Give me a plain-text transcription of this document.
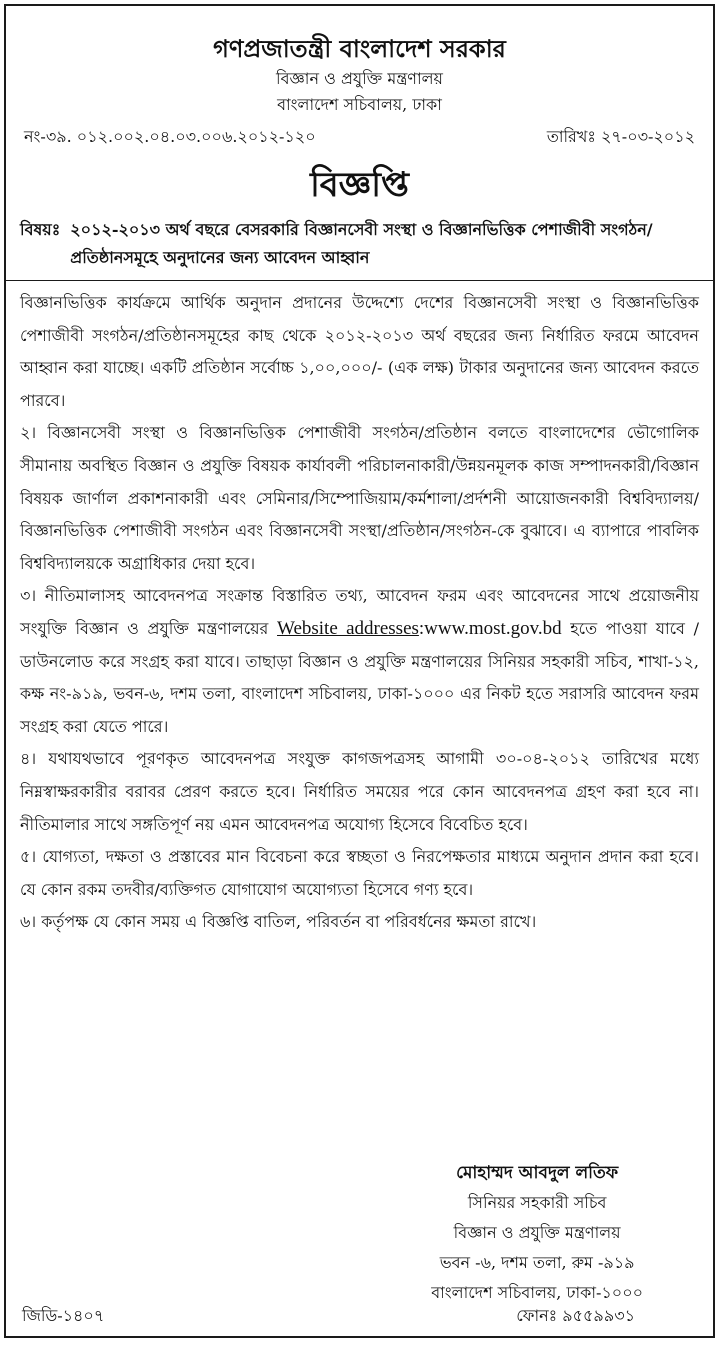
গণপ্রজাতন্ত্রী বাংলাদেশ সরকার
বিজ্ঞান ও প্রযুক্তি মন্ত্রণালয়
বাংলাদেশ সচিবালয়, ঢাকা
নং-৩৯. ০১২.০০২.০৪.০৩.০০৬.২০১২-১২০	তারিখঃ ২৭-০৩-২০১২
বিজ্ঞপ্তি
বিষয়ঃ ২০১২-২০১৩ অর্থ বছরে বেসরকারি বিজ্ঞানসেবী সংস্থা ও বিজ্ঞানভিত্তিক পেশাজীবী সংগঠন/প্রতিষ্ঠানসমূহে অনুদানের জন্য আবেদন আহ্বান

বিজ্ঞানভিত্তিক কার্যক্রমে আর্থিক অনুদান প্রদানের উদ্দেশ্যে দেশের বিজ্ঞানসেবী সংস্থা ও বিজ্ঞানভিত্তিক পেশাজীবী সংগঠন/প্রতিষ্ঠানসমূহের কাছ থেকে ২০১২-২০১৩ অর্থ বছরের জন্য নির্ধারিত ফরমে আবেদন আহ্বান করা যাচ্ছে। একটি প্রতিষ্ঠান সর্বোচ্চ ১,০০,০০০/- (এক লক্ষ) টাকার অনুদানের জন্য আবেদন করতে পারবে।

২। বিজ্ঞানসেবী সংস্থা ও বিজ্ঞানভিত্তিক পেশাজীবী সংগঠন/প্রতিষ্ঠান বলতে বাংলাদেশের ভৌগোলিক সীমানায় অবস্থিত বিজ্ঞান ও প্রযুক্তি বিষয়ক কার্যাবলী পরিচালনাকারী/উন্নয়নমূলক কাজ সম্পাদনকারী/বিজ্ঞান বিষয়ক জার্ণাল প্রকাশনাকারী এবং সেমিনার/সিম্পোজিয়াম/কর্মশালা/প্রর্দশনী আয়োজনকারী বিশ্ববিদ্যালয়/বিজ্ঞানভিত্তিক পেশাজীবী সংগঠন এবং বিজ্ঞানসেবী সংস্থা/প্রতিষ্ঠান/সংগঠন-কে বুঝাবে। এ ব্যাপারে পাবলিক বিশ্ববিদ্যালয়কে অগ্রাধিকার দেয়া হবে।

৩। নীতিমালাসহ আবেদনপত্র সংক্রান্ত বিস্তারিত তথ্য, আবেদন ফরম এবং আবেদনের সাথে প্রয়োজনীয় সংযুক্তি বিজ্ঞান ও প্রযুক্তি মন্ত্রণালয়ের Website addresses:www.most.gov.bd হতে পাওয়া যাবে /ডাউনলোড করে সংগ্রহ করা যাবে। তাছাড়া বিজ্ঞান ও প্রযুক্তি মন্ত্রণালয়ের সিনিয়র সহকারী সচিব, শাখা-১২, কক্ষ নং-৯১৯, ভবন-৬, দশম তলা, বাংলাদেশ সচিবালয়, ঢাকা-১০০০ এর নিকট হতে সরাসরি আবেদন ফরম সংগ্রহ করা যেতে পারে।

৪। যথাযথভাবে পূরণকৃত আবেদনপত্র সংযুক্ত কাগজপত্রসহ আগামী ৩০-০৪-২০১২ তারিখের মধ্যে নিম্নস্বাক্ষরকারীর বরাবর প্রেরণ করতে হবে। নির্ধারিত সময়ের পরে কোন আবেদনপত্র গ্রহণ করা হবে না। নীতিমালার সাথে সঙ্গতিপূর্ণ নয় এমন আবেদনপত্র অযোগ্য হিসেবে বিবেচিত হবে।

৫। যোগ্যতা, দক্ষতা ও প্রস্তাবের মান বিবেচনা করে স্বচ্ছতা ও নিরপেক্ষতার মাধ্যমে অনুদান প্রদান করা হবে। যে কোন রকম তদবীর/ব্যক্তিগত যোগাযোগ অযোগ্যতা হিসেবে গণ্য হবে।

৬। কর্তৃপক্ষ যে কোন সময় এ বিজ্ঞপ্তি বাতিল, পরিবর্তন বা পরিবর্ধনের ক্ষমতা রাখে।

মোহাম্মদ আবদুল লতিফ
সিনিয়র সহকারী সচিব
বিজ্ঞান ও প্রযুক্তি মন্ত্রণালয়
ভবন -৬, দশম তলা, রুম -৯১৯
বাংলাদেশ সচিবালয়, ঢাকা-১০০০
জিডি-১৪০৭	ফোনঃ ৯৫৫৯৯৩১
